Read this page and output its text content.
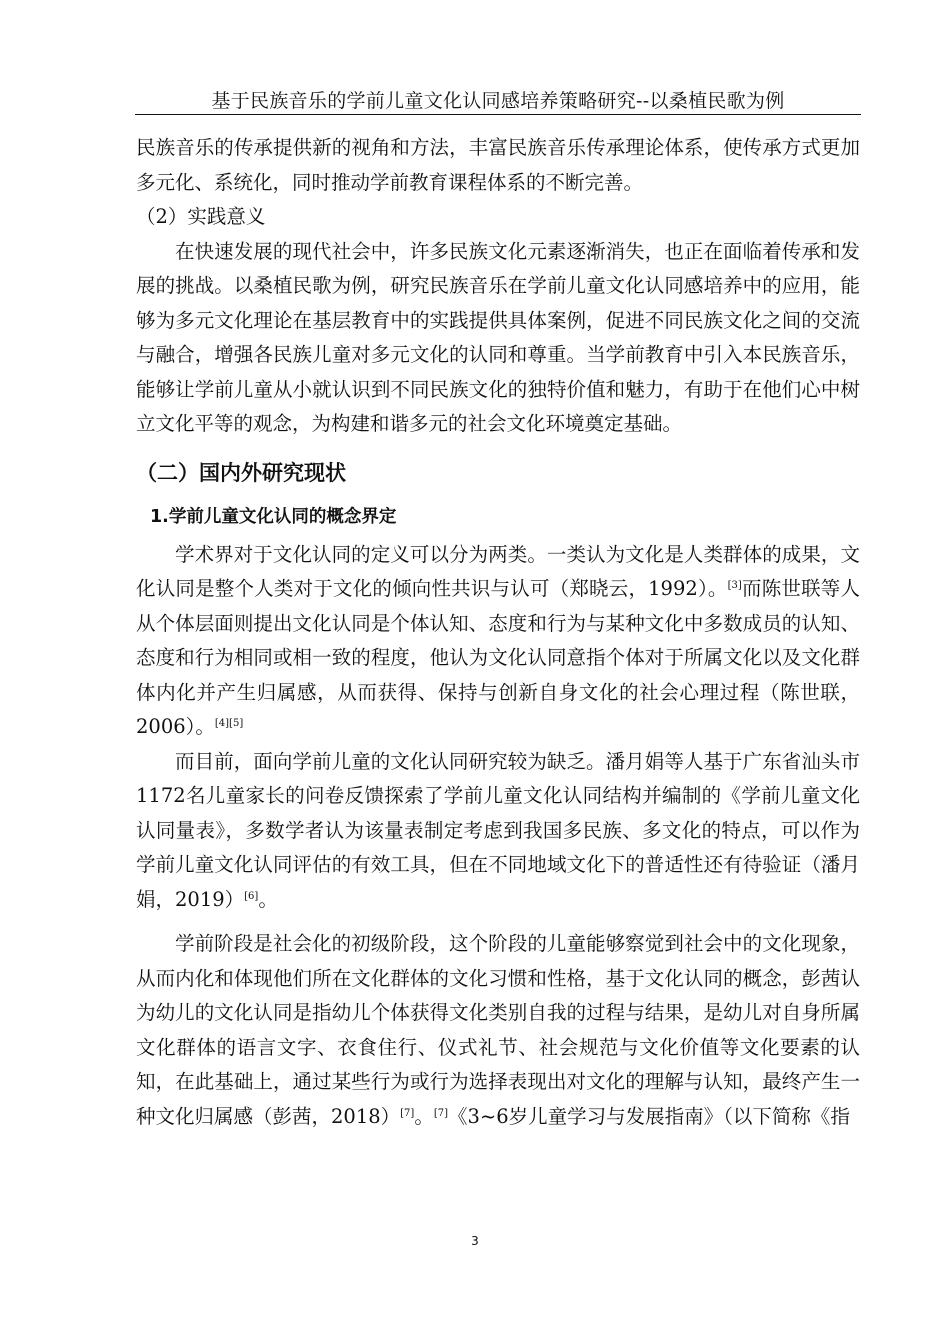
基于民族音乐的学前儿童文化认同感培养策略研究--以桑植民歌为例

民族音乐的传承提供新的视角和方法，丰富民族音乐传承理论体系，使传承方式更加多元化、系统化，同时推动学前教育课程体系的不断完善。

（2）实践意义

在快速发展的现代社会中，许多民族文化元素逐渐消失，也正在面临着传承和发展的挑战。以桑植民歌为例，研究民族音乐在学前儿童文化认同感培养中的应用，能够为多元文化理论在基层教育中的实践提供具体案例，促进不同民族文化之间的交流与融合，增强各民族儿童对多元文化的认同和尊重。当学前教育中引入本民族音乐，能够让学前儿童从小就认识到不同民族文化的独特价值和魅力，有助于在他们心中树立文化平等的观念，为构建和谐多元的社会文化环境奠定基础。

（二）国内外研究现状

1.学前儿童文化认同的概念界定

学术界对于文化认同的定义可以分为两类。一类认为文化是人类群体的成果，文化认同是整个人类对于文化的倾向性共识与认可（郑晓云，1992）。[3]而陈世联等人从个体层面则提出文化认同是个体认知、态度和行为与某种文化中多数成员的认知、态度和行为相同或相一致的程度，他认为文化认同意指个体对于所属文化以及文化群体内化并产生归属感，从而获得、保持与创新自身文化的社会心理过程（陈世联，2006）。[4][5]

而目前，面向学前儿童的文化认同研究较为缺乏。潘月娟等人基于广东省汕头市1172名儿童家长的问卷反馈探索了学前儿童文化认同结构并编制的《学前儿童文化认同量表》，多数学者认为该量表制定考虑到我国多民族、多文化的特点，可以作为学前儿童文化认同评估的有效工具，但在不同地域文化下的普适性还有待验证（潘月娟，2019）[6]。

学前阶段是社会化的初级阶段，这个阶段的儿童能够察觉到社会中的文化现象，从而内化和体现他们所在文化群体的文化习惯和性格，基于文化认同的概念，彭茜认为幼儿的文化认同是指幼儿个体获得文化类别自我的过程与结果，是幼儿对自身所属文化群体的语言文字、衣食住行、仪式礼节、社会规范与文化价值等文化要素的认知，在此基础上，通过某些行为或行为选择表现出对文化的理解与认知，最终产生一种文化归属感（彭茜，2018）[7]。[7]《3~6岁儿童学习与发展指南》（以下简称《指

3
